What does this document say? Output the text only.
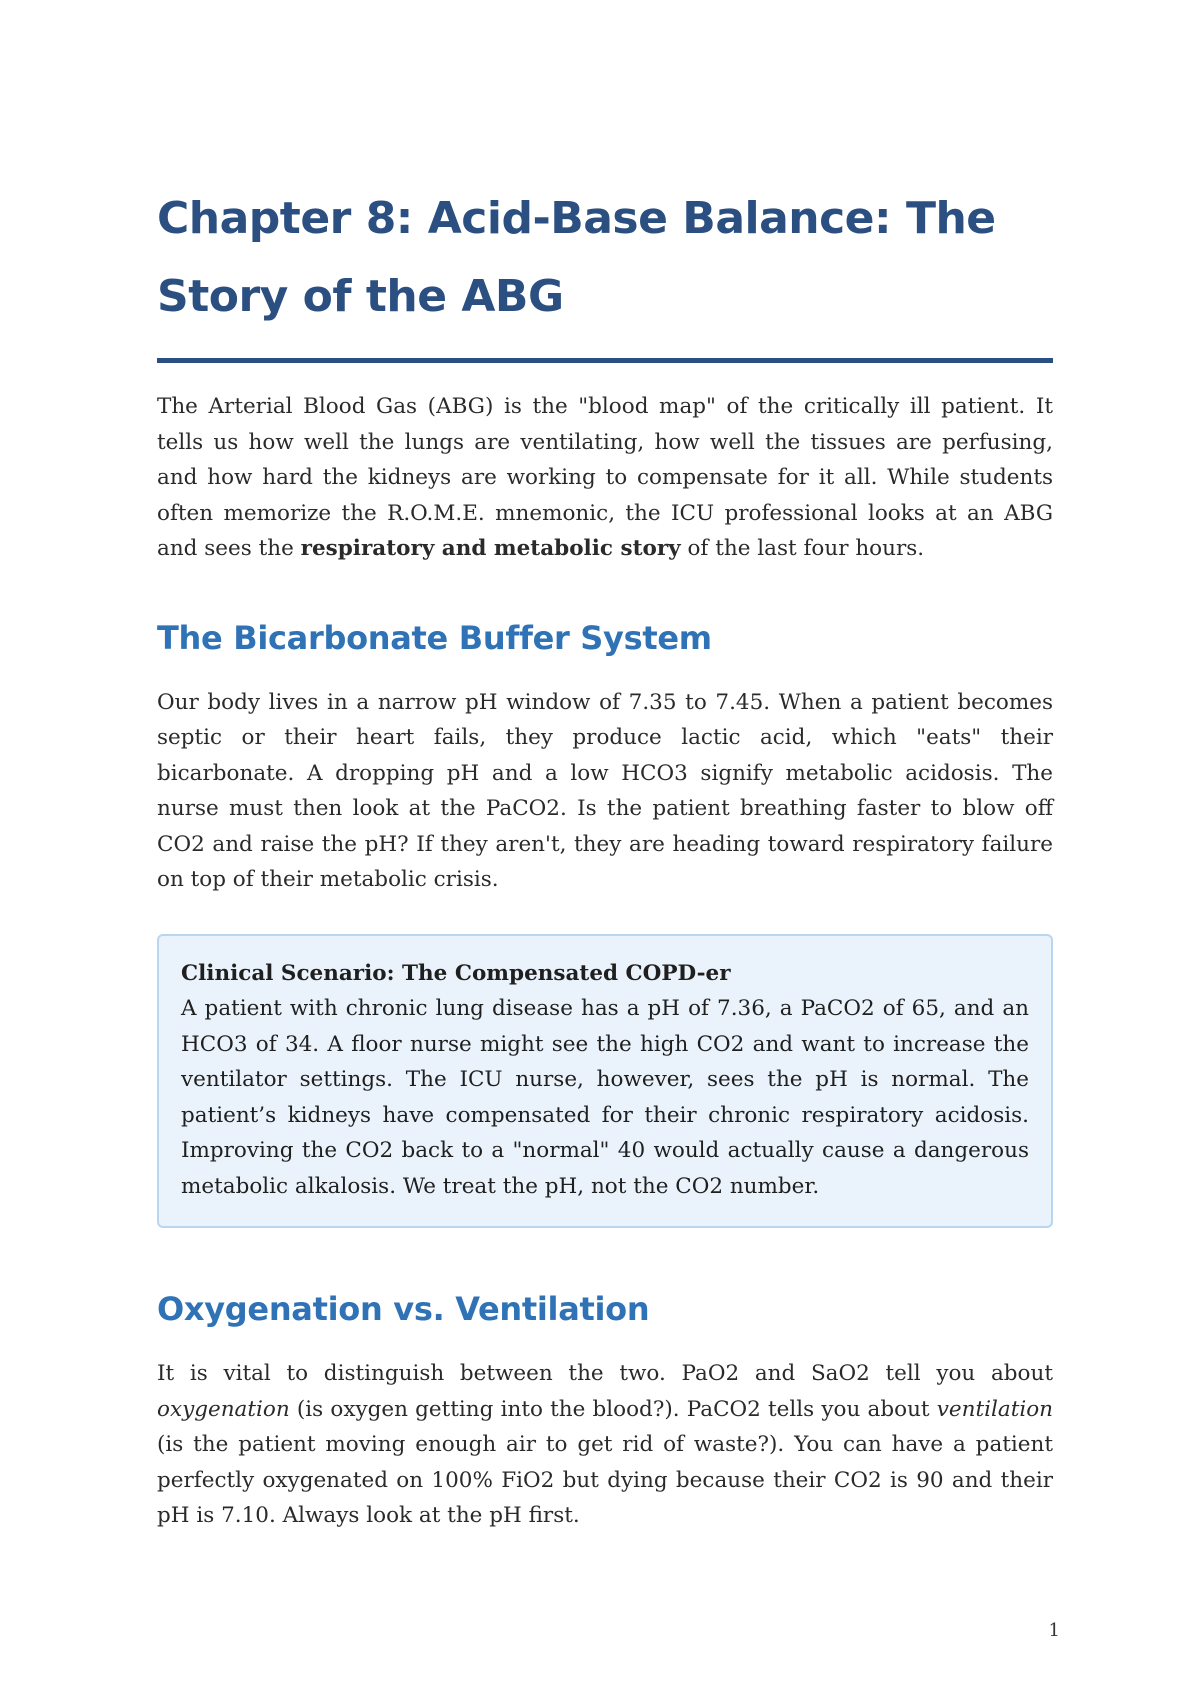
Chapter 8: Acid-Base Balance: The Story of the ABG

The Arterial Blood Gas (ABG) is the "blood map" of the critically ill patient. It tells us how well the lungs are ventilating, how well the tissues are perfusing, and how hard the kidneys are working to compensate for it all. While students often memorize the R.O.M.E. mnemonic, the ICU professional looks at an ABG and sees the respiratory and metabolic story of the last four hours.

The Bicarbonate Buffer System

Our body lives in a narrow pH window of 7.35 to 7.45. When a patient becomes septic or their heart fails, they produce lactic acid, which "eats" their bicarbonate. A dropping pH and a low HCO3 signify metabolic acidosis. The nurse must then look at the PaCO2. Is the patient breathing faster to blow off CO2 and raise the pH? If they aren't, they are heading toward respiratory failure on top of their metabolic crisis.

Clinical Scenario: The Compensated COPD-er

A patient with chronic lung disease has a pH of 7.36, a PaCO2 of 65, and an HCO3 of 34. A floor nurse might see the high CO2 and want to increase the ventilator settings. The ICU nurse, however, sees the pH is normal. The patient’s kidneys have compensated for their chronic respiratory acidosis. Improving the CO2 back to a "normal" 40 would actually cause a dangerous metabolic alkalosis. We treat the pH, not the CO2 number.

Oxygenation vs. Ventilation

It is vital to distinguish between the two. PaO2 and SaO2 tell you about oxygenation (is oxygen getting into the blood?). PaCO2 tells you about ventilation (is the patient moving enough air to get rid of waste?). You can have a patient perfectly oxygenated on 100% FiO2 but dying because their CO2 is 90 and their pH is 7.10. Always look at the pH first.

1
